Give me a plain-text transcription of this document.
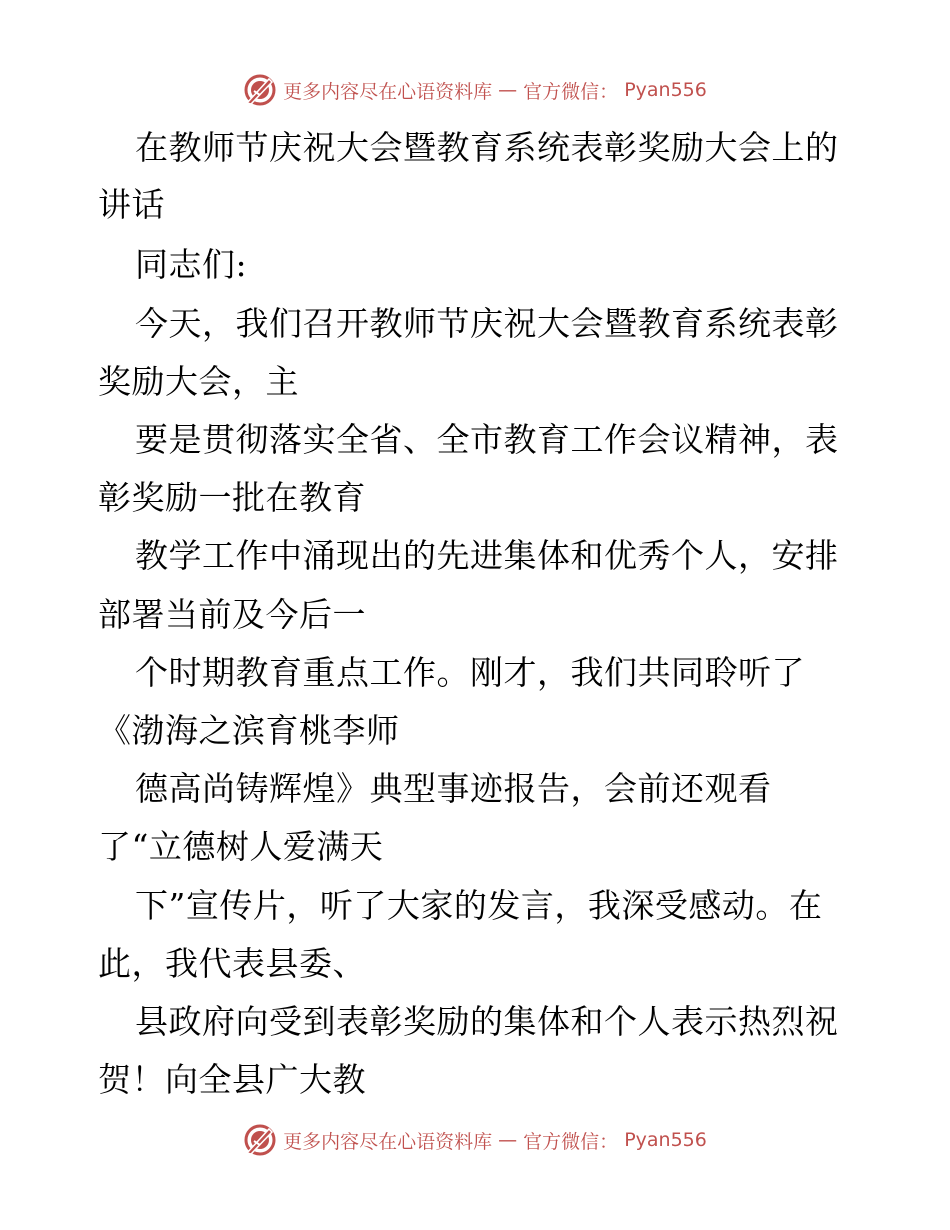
更多内容尽在心语资料库 — 官方微信： Pyan556
在教师节庆祝大会暨教育系统表彰奖励大会上的
讲话
同志们:
今天，我们召开教师节庆祝大会暨教育系统表彰
奖励大会，主
要是贯彻落实全省、全市教育工作会议精神，表
彰奖励一批在教育
教学工作中涌现出的先进集体和优秀个人，安排
部署当前及今后一
个时期教育重点工作。刚才，我们共同聆听了
《渤海之滨育桃李师
德高尚铸辉煌》典型事迹报告，会前还观看
了“立德树人爱满天
下”宣传片，听了大家的发言，我深受感动。在
此，我代表县委、
县政府向受到表彰奖励的集体和个人表示热烈祝
贺！向全县广大教
更多内容尽在心语资料库 — 官方微信： Pyan556
